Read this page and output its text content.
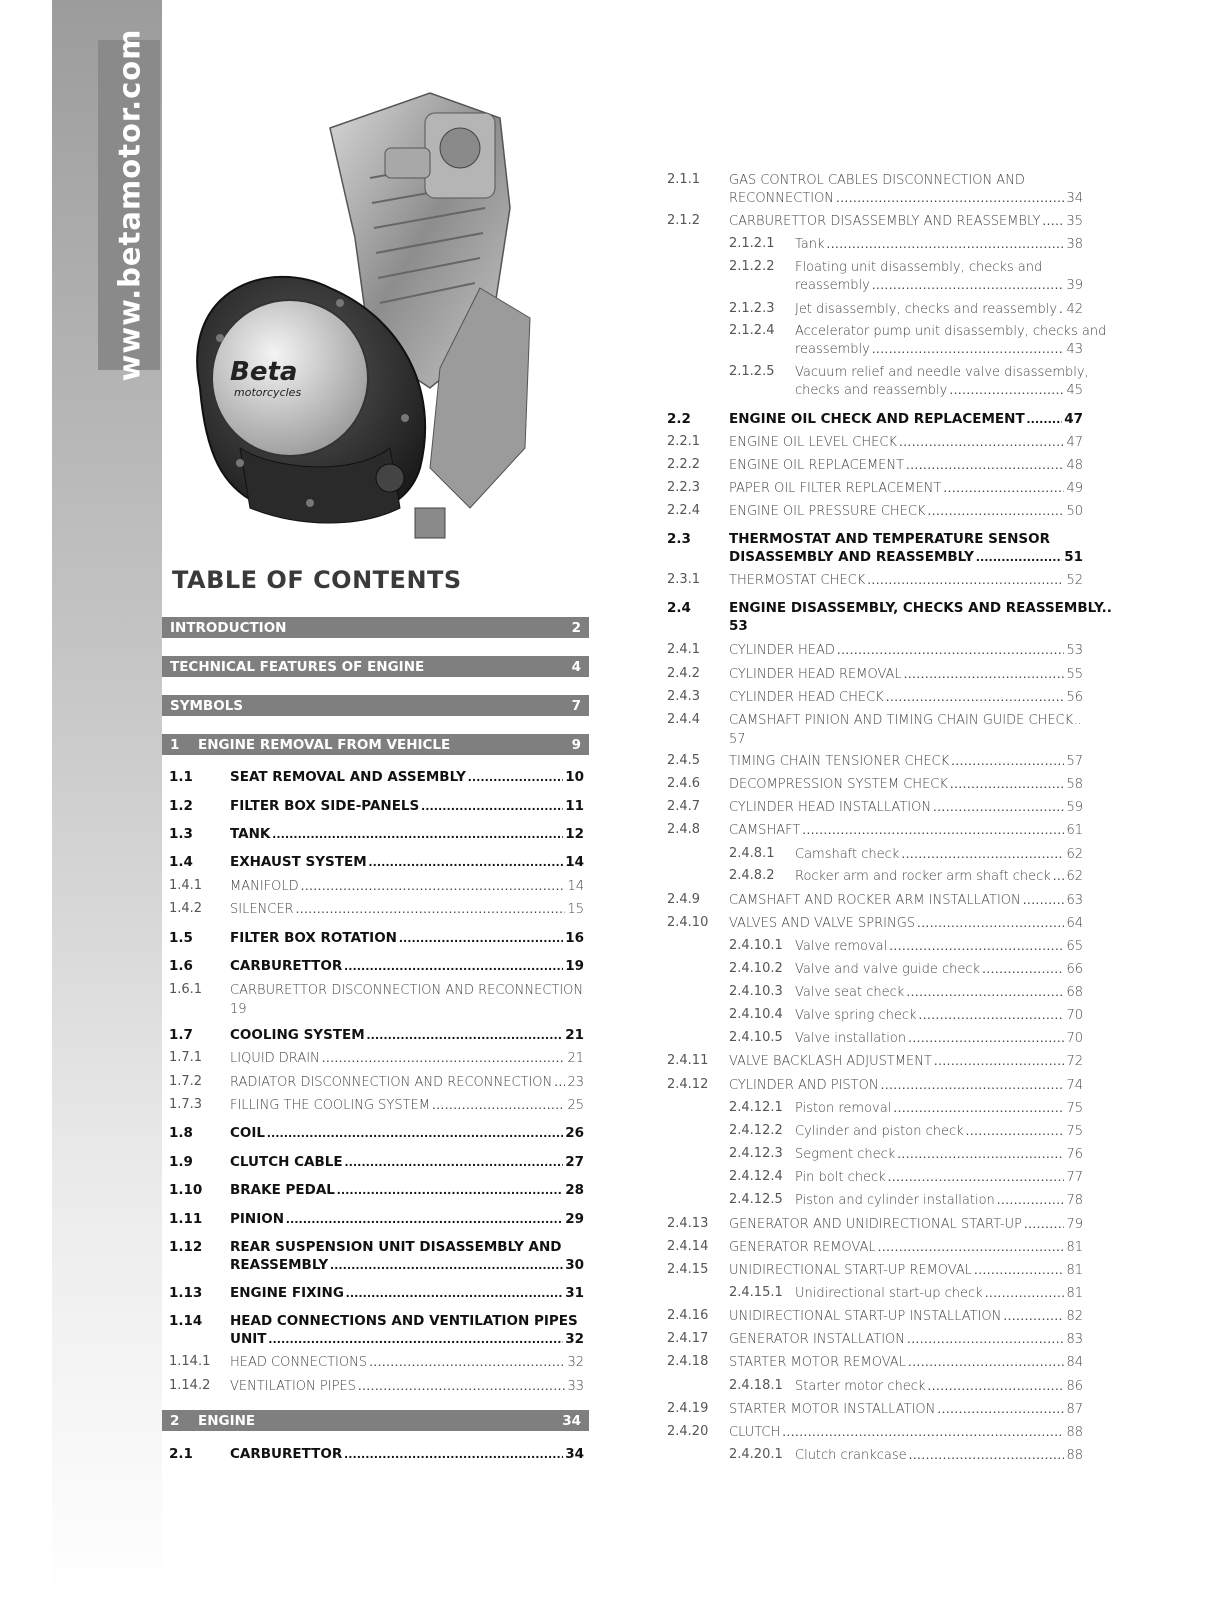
www.betamotor.com	Beta
motorcycles
TABLE OF CONTENTS
INTRODUCTION	2
TECHNICAL FEATURES OF ENGINE	4
SYMBOLS	7
1	ENGINE REMOVAL FROM VEHICLE	9
2	ENGINE	34
1.1	SEAT REMOVAL AND ASSEMBLY .....	10
1.2	FILTER BOX SIDE-PANELS .....	11
1.3	TANK .....	12
1.4	EXHAUST SYSTEM .....	14
1.4.1 MANIFOLD .....	14
1.4.2 SILENCER .....	15
1.5	FILTER BOX ROTATION .....	16
1.6	CARBURETTOR .....	19
1.6.1 CARBURETTOR DISCONNECTION AND RECONNECTION
19
1.7	COOLING SYSTEM .....	21
1.7.1 LIQUID DRAIN .....	21
1.7.2 RADIATOR DISCONNECTION AND RECONNECTION ..... 23
1.7.3 FILLING THE COOLING SYSTEM .....	25
1.8	COIL .....	26
1.9	CLUTCH CABLE .....	27
1.10 BRAKE PEDAL .....	28
1.11 PINION .....	29
1.12 REAR SUSPENSION UNIT DISASSEMBLY AND
REASSEMBLY .....	30
1.13 ENGINE FIXING .....	31
1.14 HEAD CONNECTIONS AND VENTILATION PIPES
UNIT .....	32
1.14.1 HEAD CONNECTIONS .....	32
1.14.2 VENTILATION PIPES .....	33
2.1	CARBURETTOR .....	34
2.1.1 GAS CONTROL CABLES DISCONNECTION AND
RECONNECTION .....	34
2.1.2 CARBURETTOR DISASSEMBLY AND REASSEMBLY ..... 35
2.1.2.1 Tank .....	38
2.1.2.2 Floating unit disassembly, checks and
reassembly .....	39
2.1.2.3 Jet disassembly, checks and reassembly ..... 42
2.1.2.4 Accelerator pump unit disassembly, checks and
reassembly .....	43
2.1.2.5 Vacuum relief and needle valve disassembly,
checks and reassembly .....	45
2.2	ENGINE OIL CHECK AND REPLACEMENT .....	47
2.2.1 ENGINE OIL LEVEL CHECK .....	47
2.2.2 ENGINE OIL REPLACEMENT .....	48
2.2.3 PAPER OIL FILTER REPLACEMENT .....	49
2.2.4 ENGINE OIL PRESSURE CHECK .....	50
2.3	THERMOSTAT AND TEMPERATURE SENSOR
DISASSEMBLY AND REASSEMBLY .....	51
2.3.1 THERMOSTAT CHECK .....	52
2.4	ENGINE DISASSEMBLY, CHECKS AND REASSEMBLY..
53
2.4.1 CYLINDER HEAD .....	53
2.4.2 CYLINDER HEAD REMOVAL .....	55
2.4.3 CYLINDER HEAD CHECK .....	56
2.4.4 CAMSHAFT PINION AND TIMING CHAIN GUIDE CHECK..
57
2.4.5 TIMING CHAIN TENSIONER CHECK .....	57
2.4.6 DECOMPRESSION SYSTEM CHECK .....	58
2.4.7 CYLINDER HEAD INSTALLATION .....	59
2.4.8 CAMSHAFT .....	61
2.4.8.1 Camshaft check .....	62
2.4.8.2 Rocker arm and rocker arm shaft check ..... 62
2.4.9 CAMSHAFT AND ROCKER ARM INSTALLATION .....	63
2.4.10 VALVES AND VALVE SPRINGS .....	64
2.4.10.1 Valve removal .....	65
2.4.10.2 Valve and valve guide check .....	66
2.4.10.3 Valve seat check .....	68
2.4.10.4 Valve spring check .....	70
2.4.10.5 Valve installation .....	70
2.4.11 VALVE BACKLASH ADJUSTMENT .....	72
2.4.12 CYLINDER AND PISTON .....	74
2.4.12.1 Piston removal .....	75
2.4.12.2 Cylinder and piston check .....	75
2.4.12.3 Segment check .....	76
2.4.12.4 Pin bolt check .....	77
2.4.12.5 Piston and cylinder installation .....	78
2.4.13 GENERATOR AND UNIDIRECTIONAL START-UP .....	79
2.4.14 GENERATOR REMOVAL .....	81
2.4.15 UNIDIRECTIONAL START-UP REMOVAL .....	81
2.4.15.1 Unidirectional start-up check .....	81
2.4.16 UNIDIRECTIONAL START-UP INSTALLATION .....	82
2.4.17 GENERATOR INSTALLATION .....	83
2.4.18 STARTER MOTOR REMOVAL .....	84
2.4.18.1 Starter motor check .....	86
2.4.19 STARTER MOTOR INSTALLATION .....	87
2.4.20 CLUTCH .....	88
2.4.20.1 Clutch crankcase .....	88
